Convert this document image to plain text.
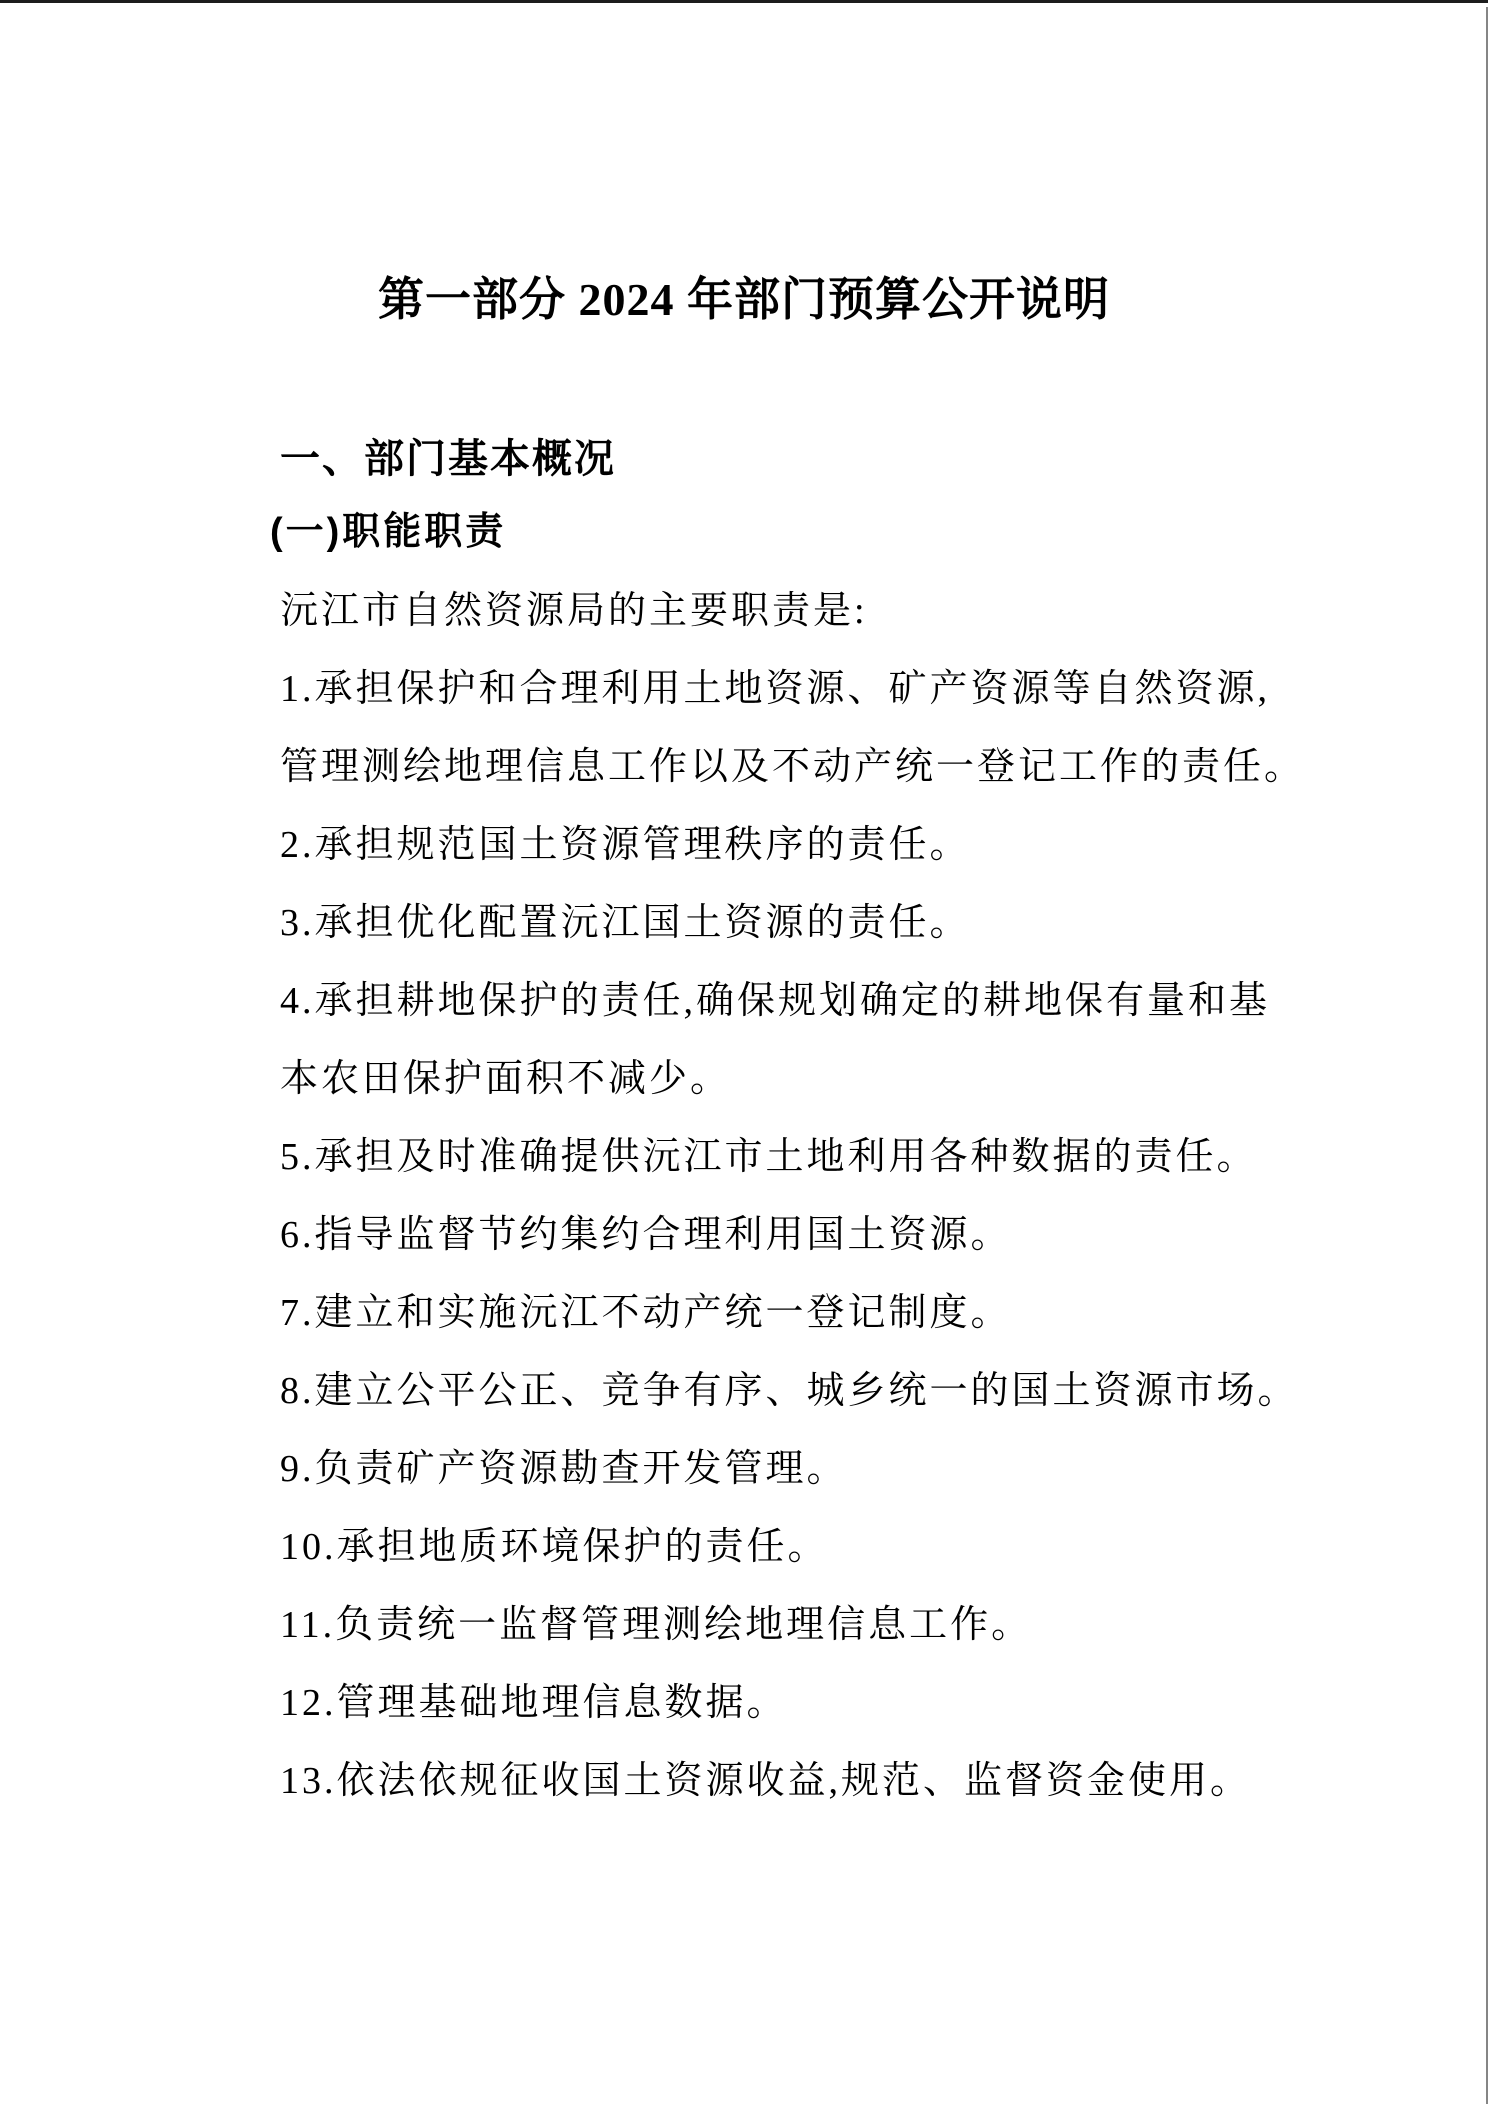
第一部分 2024 年部门预算公开说明
一、部门基本概况
(一)职能职责
沅江市自然资源局的主要职责是:
1.承担保护和合理利用土地资源、矿产资源等自然资源,
管理测绘地理信息工作以及不动产统一登记工作的责任。
2.承担规范国土资源管理秩序的责任。
3.承担优化配置沅江国土资源的责任。
4.承担耕地保护的责任,确保规划确定的耕地保有量和基
本农田保护面积不减少。
5.承担及时准确提供沅江市土地利用各种数据的责任。
6.指导监督节约集约合理利用国土资源。
7.建立和实施沅江不动产统一登记制度。
8.建立公平公正、竞争有序、城乡统一的国土资源市场。
9.负责矿产资源勘查开发管理。
10.承担地质环境保护的责任。
11.负责统一监督管理测绘地理信息工作。
12.管理基础地理信息数据。
13.依法依规征收国土资源收益,规范、监督资金使用。
